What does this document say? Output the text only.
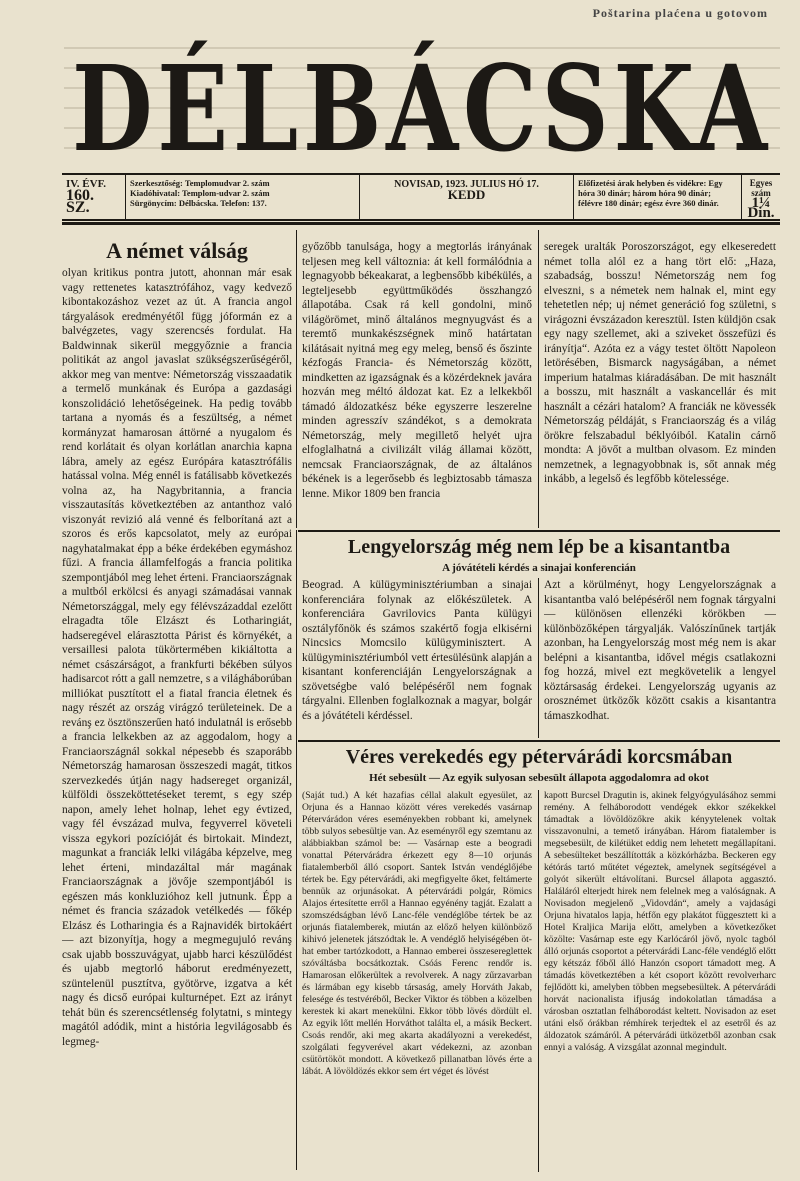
Poštarina plaćena u gotovom
DÉLBÁCSKA
IV. ÉVF.
160. SZ.
Szerkesztőség: Templomudvar 2. szám
Kiadóhivatal: Templom-udvar 2. szám
Sürgönycím: Délbácska. Telefon: 137.
NOVISAD, 1923. JULIUS HÓ 17.
KEDD
Előfizetési árak helyben és vidékre: Egy hóra 30 dinár; három hóra 90 dinár; félévre 180 dinár; egész évre 360 dinár.
Egyes szám
1¼ Din.
A német válság

olyan kritikus pontra jutott, ahonnan már esak vagy rettenetes katasztrófához, vagy kedvező kibontakozáshoz vezet az út. A francia angol tárgyalások eredményétől függ jóformán ez a balvégzetes, vagy szerencsés fordulat. Ha Baldwinnak sikerül meggyőznie a francia politikát az angol javaslat szükségszerűségéről, akkor meg van mentve: Németország visszaadatik a termelő munkának és Európa a gazdasági konszolidáció lehetőségeinek. Ha pedig tovább tartana a nyomás és a feszültség, a német kormányzat hamarosan áttörné a nyugalom és rend korlátait és olyan korlátlan anarchia kapna lábra, amely az egész Európára katasztrófális hatással volna. Még ennél is fatálisabb következés volna az, ha Nagybritannia, a francia visszautasítás következtében az antanthoz való viszonyát revizió alá venné és felborítaná azt a szoros és erős kapcsolatot, mely az európai nagyhatalmakat épp a béke érdekében egymáshoz fűzi. A francia államfelfogás a francia politika szempontjából meg lehet érteni. Franciaországnak a multból erkölcsi és anyagi számadásai vannak Németországgal, mely egy félévszázaddal ezelőtt elragadta tőle Elzászt és Lotharingiát, hadseregével elárasztotta Párist és környékét, a versaillesi palota tükörtermében kikiáltotta a német császárságot, a frankfurti békében súlyos hadisarcot rótt a gall nemzetre, s a világháborúban milliókat pusztított el a fiatal francia életnek és nagy részét az ország virágzó területeinek. De a revánş ez ösztönszerűen ható indulatnál is erősebb a francia lelkekben az az aggodalom, hogy a Franciaországnál sokkal népesebb és szaporább Németország hamarosan összeszedi magát, titkos szervezkedés útján nagy hadsereget organizál, külföldi összeköttetéseket teremt, s egy szép napon, amely lehet holnap, lehet egy évtized, vagy fél évszázad mulva, fegyverrel követeli vissza egykori pozícióját és birtokait. Mindezt, magunkat a franciák lelki világába képzelve, meg lehet érteni, mindazáltal már magának Franciaországnak a jövője szempontjából is egészen más konkluzióhoz kell jutnunk. Épp a német és francia századok vetélkedés — főkép Elzász és Lotharingia és a Rajnavidék birtokáért — azt bizonyítja, hogy a megmegujuló revánş csak ujabb bosszuvágyat, ujabb harci készülődést és ujabb megtorló háborut eredményezett, szüntelenül pusztítva, gyötörve, izgatva a két nagy és dicső európai kulturnépet. Ezt az irányt tehát bün és szerencsétlenség folytatni, s mintegy magától adódik, mint a história legvilágosabb és legmeg-

győzőbb tanulsága, hogy a megtorlás irányának teljesen meg kell változnia: át kell formálódnia a legnagyobb békeakarat, a legbensőbb kibékülés, a legteljesebb együttműködés összhangzó állapotába. Csak rá kell gondolni, minő világörömet, minő általános megnyugvást és a teremtő munkakészségnek minő határtatan kilátásait nyitná meg egy meleg, benső és őszinte kézfogás Francia- és Németország között, mindketten az igazságnak és a közérdeknek javára hozván meg méltó áldozat kat. Ez a lelkekből támadó áldozatkész béke egyszerre leszerelne minden agresszív szándékot, s a demokrata Németország, mely megillető helyét ujra elfoglalhatná a civilizált világ államai között, nemcsak Franciaországnak, de az általános békének is a legerősebb és legbiztosabb támasza lenne. Mikor 1809 ben francia

seregek uralták Poroszországot, egy elkeseredett német tolla alól ez a hang tört elő: „Haza, szabadság, bosszu! Németország nem fog elveszni, s a németek nem halnak el, mint egy tehetetlen nép; uj német generáció fog születni, s virágozni évszázadon keresztül. Isten küldjön csak egy nagy szellemet, aki a sziveket összefüzi és irányítja“. Azóta ez a vágy testet öltött Napoleon letörésében, Bismarck nagyságában, a német imperium hatalmas kiáradásában. De mit használt a bosszu, mit használt a vaskancellár és mit használt a cézári hatalom? A franciák ne kövessék Németország példáját, s Franciaország és a világ örökre felszabadul béklyóiból. Katalin cárnő mondta: A jövőt a multban olvasom. Ez minden nemzetnek, a legnagyobbnak is, sőt annak még inkább, a legelső és legfőbb kötelessége.

Lengyelország még nem lép be a kisantantba
A jóvátételi kérdés a sinajai konferencián

Beograd. A külügyminisztériumban a sinajai konferenciára folynak az előkészületek. A konferenciára Gavrilovics Panta külügyi osztályfőnök és számos szakértő fogja elkisérni Nincsics Momcsilo külügyminisztert. A külügyminisztériumból vett értesülésünk alapján a kisantant konferenciáján Lengyelországnak a szövetségbe való belépéséről nem fognak tárgyalni. Ellenben foglalkoznak a magyar, bolgár és a jóvátételi kérdéssel.

Azt a körülményt, hogy Lengyelországnak a kisantantba való belépéséről nem fognak tárgyalni — különösen ellenzéki körökben — különbözőképen tárgyalják. Valószínűnek tartják azonban, ha Lengyelország most még nem is akar belépni a kisantantba, idővel mégis csatlakozni fog hozzá, mivel ezt megkövetelik a lengyel köztársaság érdekei. Lengyelország ugyanis az orosznémet ütközők között csakis a kisantantra támaszkodhat.

Véres verekedés egy pétervárádi korcsmában
Hét sebesült — Az egyik sulyosan sebesült állapota aggodalomra ad okot

(Saját tud.) A két hazafias céllal alakult egyesület, az Orjuna és a Hannao között véres verekedés vasárnap Pétervárádon véres eseményekben robbant ki, amelynek több sulyos sebesültje van. Az eseményről egy szemtanu az alábbiakban számol be: — Vasárnap este a beogradi vonattal Pétervárádra érkezett egy 8—10 orjunás fiatalemberből álló csoport. Santek István vendéglőjébe tértek be. Egy pétervárádi, aki megfigyelte őket, feltámerte bennük az orjunásokat. A pétervárádi polgár, Römics Alajos értesítette erről a Hannao egyénény tagját. Ezalatt a szomszédságban lévő Lanc-féle vendéglőbe tértek be az orjunás fiatalemberek, miután az előző helyen különböző kihivó jelenetek játszódtak le. A vendéglő helyiségében öt-hat ember tartózkodott, a Hannao emberei összesereglettek szóváltásba bocsátkoztak. Csóás Ferenc rendőr is. Hamarosan előkerültek a revolverek. A nagy zűrzavarban és lármában egy kisebb társaság, amely Horváth Jakab, felesége és testvéréből, Becker Viktor és többen a közelben kerestek ki akart menekülni. Ekkor több lövés dördült el. Az egyik lőtt mellén Horváthot találta el, a másik Beckert. Csoás rendőr, aki meg akarta akadályozni a verekedést, szolgálati fegyverével akart védekezni, az azonban csütörtököt mondott. A következő pillanatban lövés érte a lábát. A lövöldözés ekkor sem ért véget és lövést

kapott Burcsel Dragutin is, akinek felgyógyulásához semmi remény. A felháborodott vendégek ekkor székekkel támadtak a lövöldözőkre akik kényytelenek voltak visszavonulni, a temető irányában. Három fiatalember is megsebesült, de kilétüket eddig nem lehetett megállapítani. A sebesülteket beszállították a közkórházba. Beckeren egy kétórás tartó műtétet végeztek, amelynek segítségével a golyót sikerült eltávolítani. Burcsel állapota aggasztó. Haláláról elterjedt hirek nem felelnek meg a valóságnak. A Novisadon megjelenő „Vidovdán“, amely a vajdasági Orjuna hivatalos lapja, hétfőn egy plakátot függesztett ki a Hotel Kraljica Marija előtt, amelyben a következőket közölte: Vasárnap este egy Karlócáról jövő, nyolc tagból álló orjunás csoportot a pétervárádi Lanc-féle vendéglő előtt egy kétszáz főből álló Hanzón csoport támadott meg. A támadás következtében a két csoport között revolverharc fejlődött ki, amelyben többen megsebesültek. A pétervárádi horvát nacionalista ifjuság indokolatlan támadása a városban osztatlan felháborodást keltett. Novisadon az eset utáni első órákban rémhírek terjedtek el az esetről és az áldozatok számáról. A pétervárádi ütközetből azonban csak ennyi a valóság. A vizsgálat azonnal megindult.
